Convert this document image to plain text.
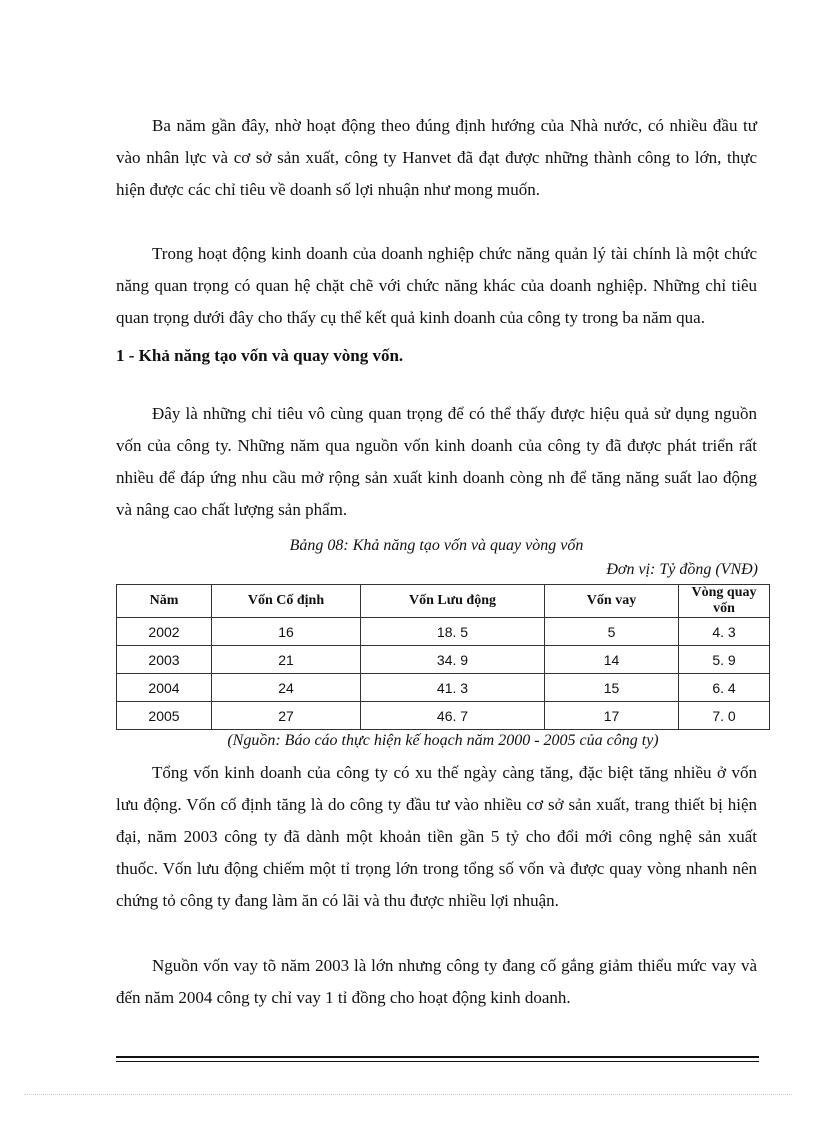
Ba năm gần đây, nhờ hoạt động theo đúng định hướng của Nhà nước, có nhiều đầu tư vào nhân lực và cơ sở sản xuất, công ty Hanvet đã đạt được những thành công to lớn, thực hiện được các chỉ tiêu về doanh số lợi nhuận như mong muốn.

Trong hoạt động kinh doanh của doanh nghiệp chức năng quản lý tài chính là một chức năng quan trọng có quan hệ chặt chẽ với chức năng khác của doanh nghiệp. Những chỉ tiêu quan trọng dưới đây cho thấy cụ thể kết quả kinh doanh của công ty trong ba năm qua.

1 - Khả năng tạo vốn và quay vòng vốn.

Đây là những chỉ tiêu vô cùng quan trọng để có thể thấy được hiệu quả sử dụng nguồn vốn của công ty. Những năm qua nguồn vốn kinh doanh của công ty đã được phát triển rất nhiều để đáp ứng nhu cầu mở rộng sản xuất kinh doanh còng nh để tăng năng suất lao động và nâng cao chất lượng sản phẩm.

Bảng 08: Khả năng tạo vốn và quay vòng vốn
Đơn vị: Tỷ đồng (VNĐ)
Năm	Vốn Cố định	Vốn Lưu động	Vốn vay	Vòng quay vốn
2002	16	18. 5	5	4. 3
2003	21	34. 9	14	5. 9
2004	24	41. 3	15	6. 4
2005	27	46. 7	17	7. 0
(Nguồn: Báo cáo thực hiện kế hoạch năm 2000 - 2005 của công ty)

Tổng vốn kinh doanh của công ty có xu thế ngày càng tăng, đặc biệt tăng nhiều ở vốn lưu động. Vốn cố định tăng là do công ty đầu tư vào nhiều cơ sở sản xuất, trang thiết bị hiện đại, năm 2003 công ty đã dành một khoản tiền gần 5 tỷ cho đổi mới công nghệ sản xuất thuốc. Vốn lưu động chiếm một tỉ trọng lớn trong tổng số vốn và được quay vòng nhanh nên chứng tỏ công ty đang làm ăn có lãi và thu được nhiều lợi nhuận.

Nguồn vốn vay tõ năm 2003 là lớn nhưng công ty đang cố gắng giảm thiểu mức vay và đến năm 2004 công ty chỉ vay 1 tỉ đồng cho hoạt động kinh doanh.
